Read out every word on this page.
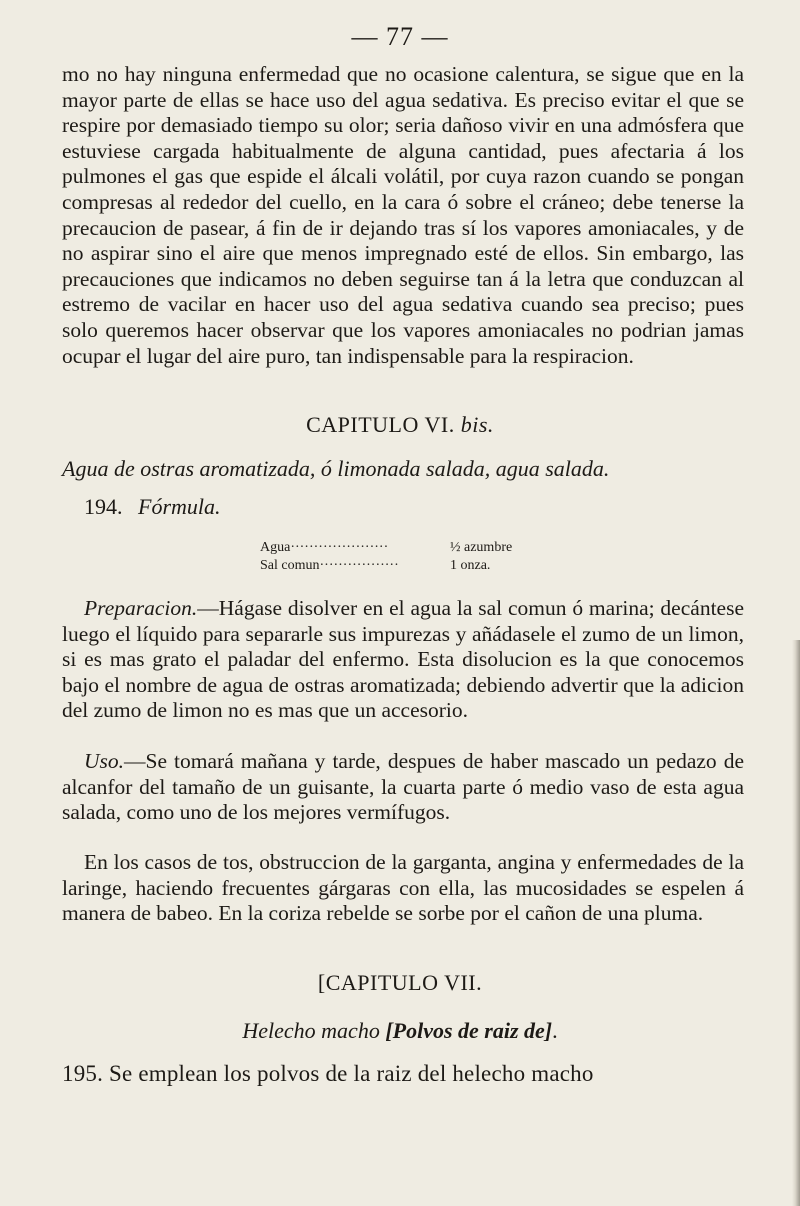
— 77 —

mo no hay ninguna enfermedad que no ocasione calentura, se sigue que en la mayor parte de ellas se hace uso del agua sedativa. Es preciso evitar el que se respire por demasiado tiempo su olor; seria dañoso vivir en una admósfera que estuviese cargada habitualmente de alguna cantidad, pues afectaria á los pulmones el gas que espide el álcali volátil, por cuya razon cuando se pongan compresas al rededor del cuello, en la cara ó sobre el cráneo; debe tenerse la precaucion de pasear, á fin de ir dejando tras sí los vapores amoniacales, y de no aspirar sino el aire que menos impregnado esté de ellos. Sin embargo, las precauciones que indicamos no deben seguirse tan á la letra que conduzcan al estremo de vacilar en hacer uso del agua sedativa cuando sea preciso; pues solo queremos hacer observar que los vapores amoniacales no podrian jamas ocupar el lugar del aire puro, tan indispensable para la respiracion.

CAPITULO VI. bis.
Agua de ostras aromatizada, ó limonada salada, agua salada.
194. Fórmula.
Agua·····················	½ azumbre
Sal comun·················	1 onza.

Preparacion.—Hágase disolver en el agua la sal comun ó marina; decántese luego el líquido para separarle sus impurezas y añádasele el zumo de un limon, si es mas grato el paladar del enfermo. Esta disolucion es la que conocemos bajo el nombre de agua de ostras aromatizada; debiendo advertir que la adicion del zumo de limon no es mas que un accesorio.

Uso.—Se tomará mañana y tarde, despues de haber mascado un pedazo de alcanfor del tamaño de un guisante, la cuarta parte ó medio vaso de esta agua salada, como uno de los mejores vermífugos.

En los casos de tos, obstruccion de la garganta, angina y enfermedades de la laringe, haciendo frecuentes gárgaras con ella, las mucosidades se espelen á manera de babeo. En la coriza rebelde se sorbe por el cañon de una pluma.

[CAPITULO VII.
Helecho macho [Polvos de raiz de].

195. Se emplean los polvos de la raiz del helecho macho
